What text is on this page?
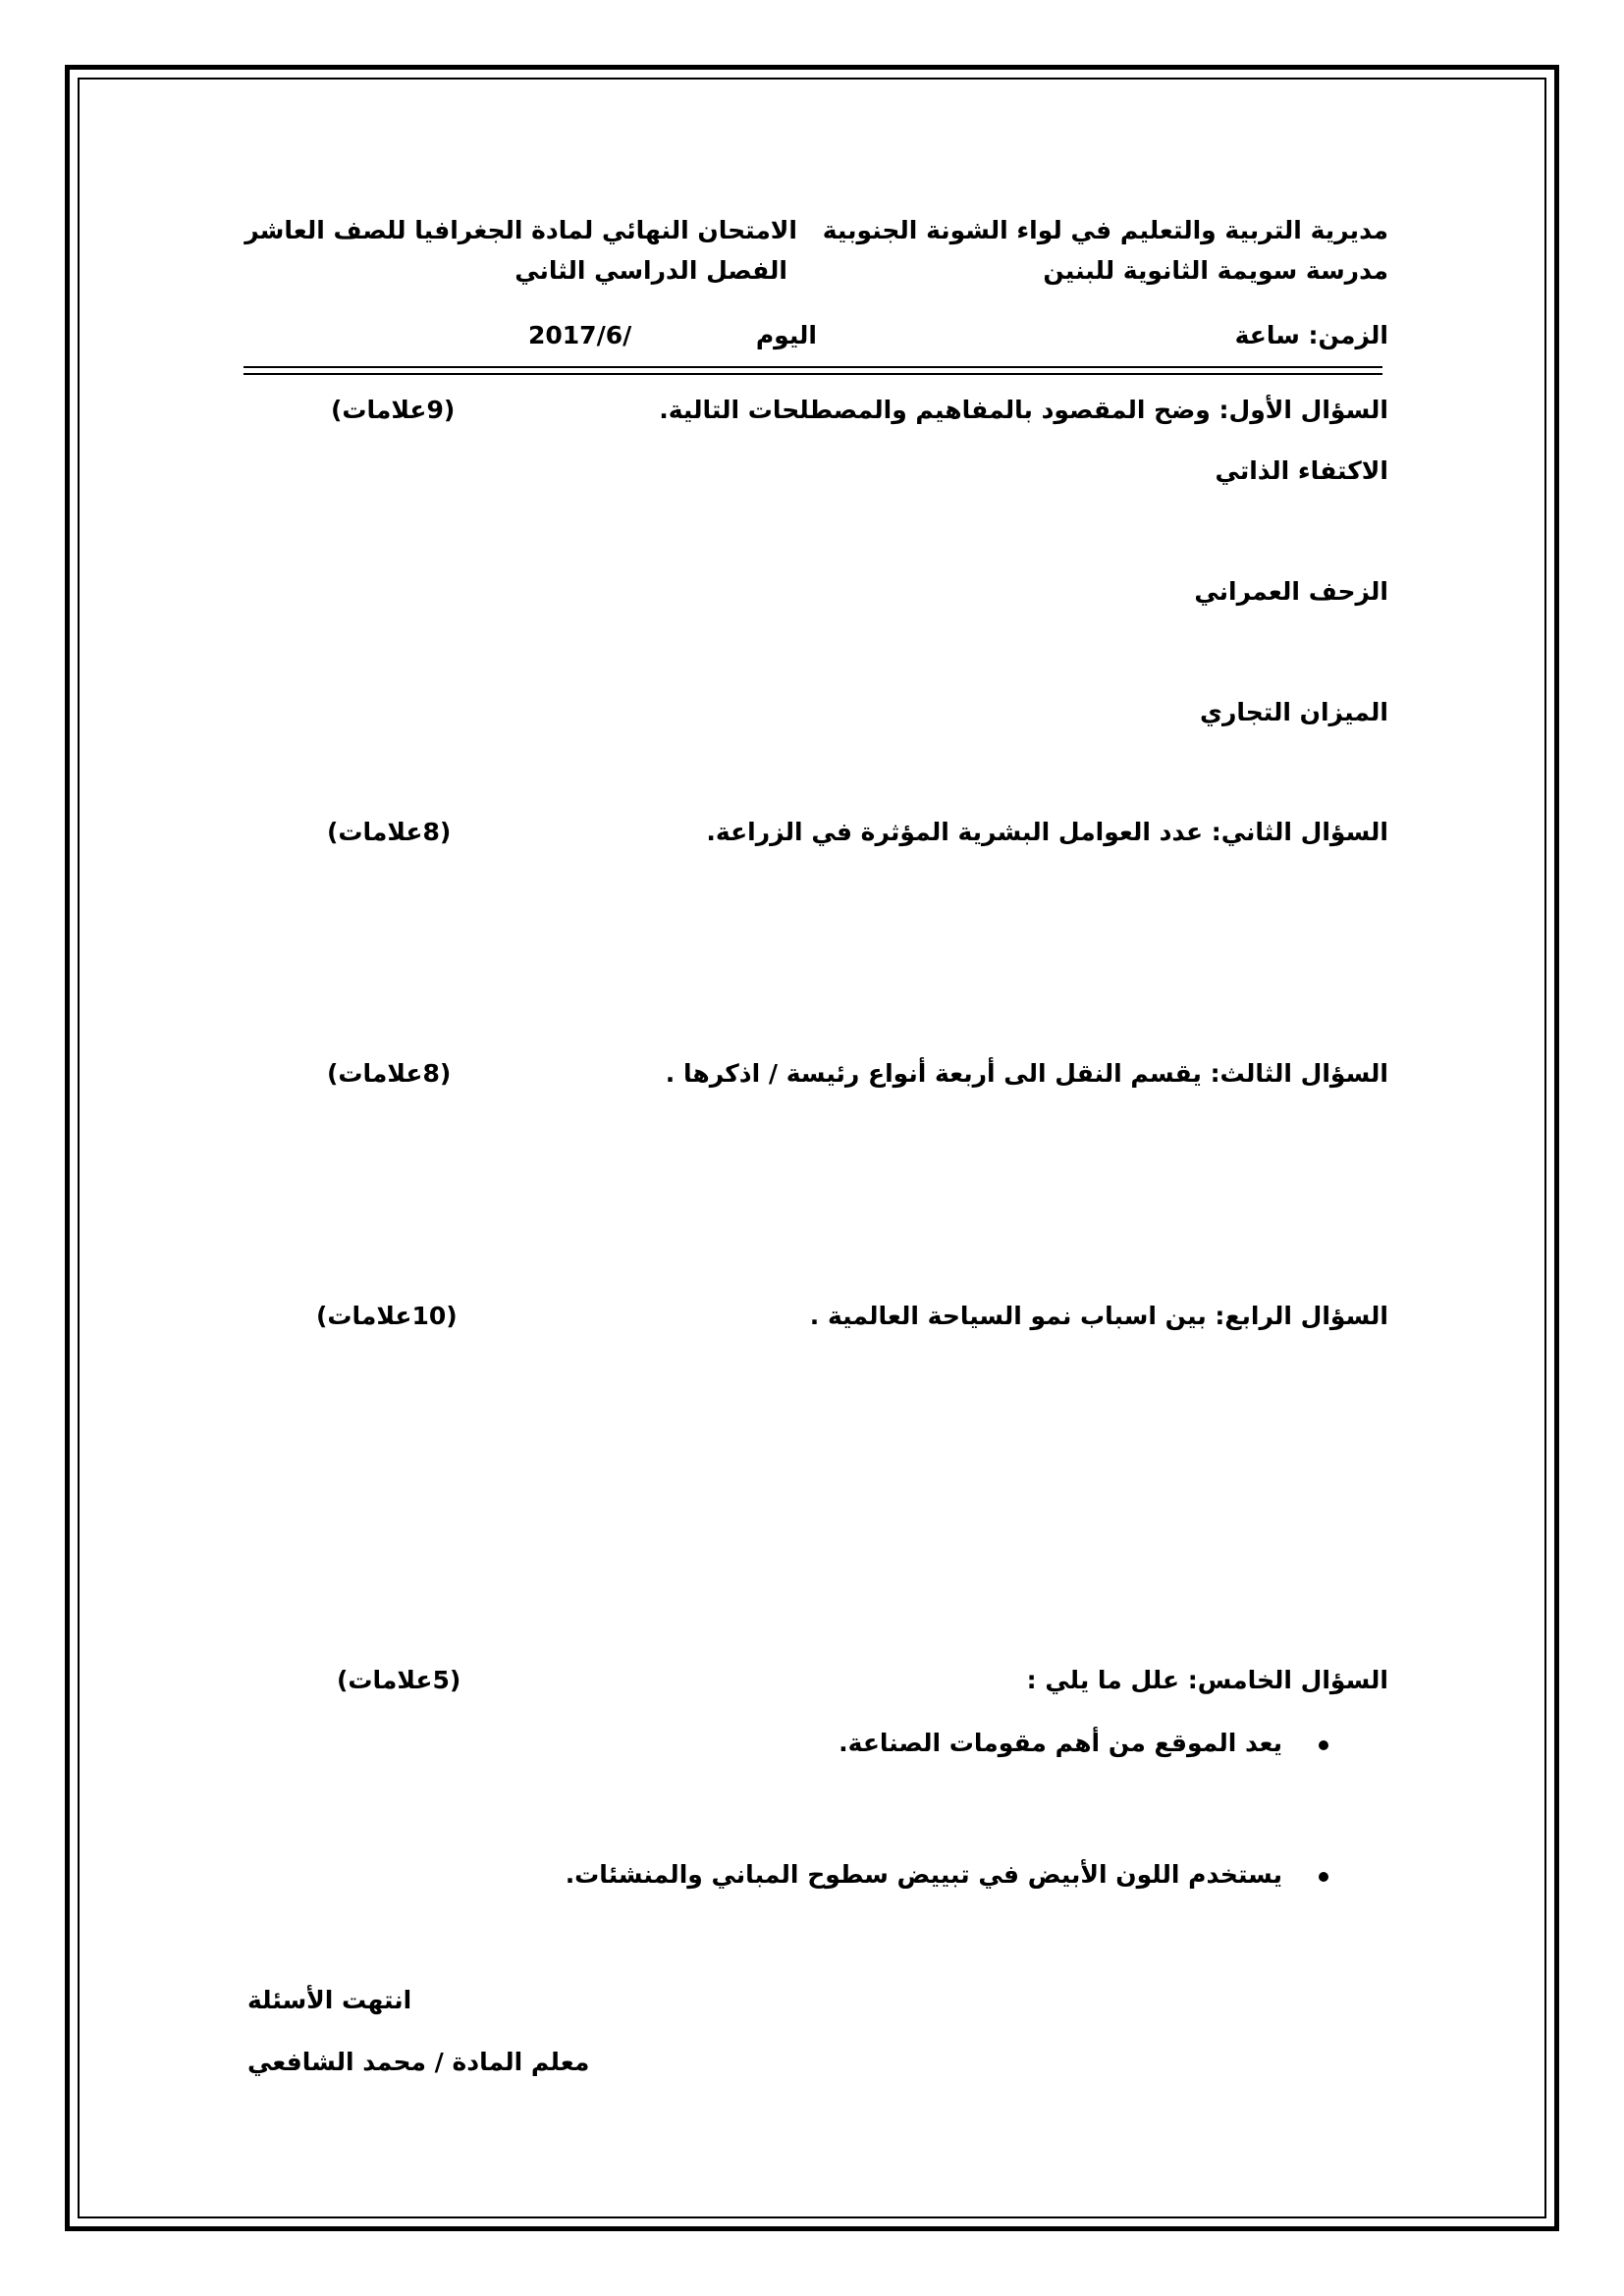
مديرية التربية والتعليم في لواء الشونة الجنوبية
مدرسة سويمة الثانوية للبنين
الامتحان النهائي لمادة الجغرافيا للصف العاشر
الفصل الدراسي الثاني
الزمن: ساعة
اليوم
2017/6/
السؤال الأول: وضح المقصود بالمفاهيم والمصطلحات التالية.
(9علامات)
الاكتفاء الذاتي
الزحف العمراني
الميزان التجاري
السؤال الثاني: عدد العوامل البشرية المؤثرة في الزراعة.
(8علامات)
السؤال الثالث: يقسم النقل الى أربعة أنواع رئيسة / اذكرها .
(8علامات)
السؤال الرابع: بين اسباب نمو السياحة العالمية .
(10علامات)
السؤال الخامس: علل ما يلي :
(5علامات)
يعد الموقع من أهم مقومات الصناعة.
يستخدم اللون الأبيض في تبييض سطوح المباني والمنشئات.
انتهت الأسئلة
معلم المادة / محمد الشافعي
